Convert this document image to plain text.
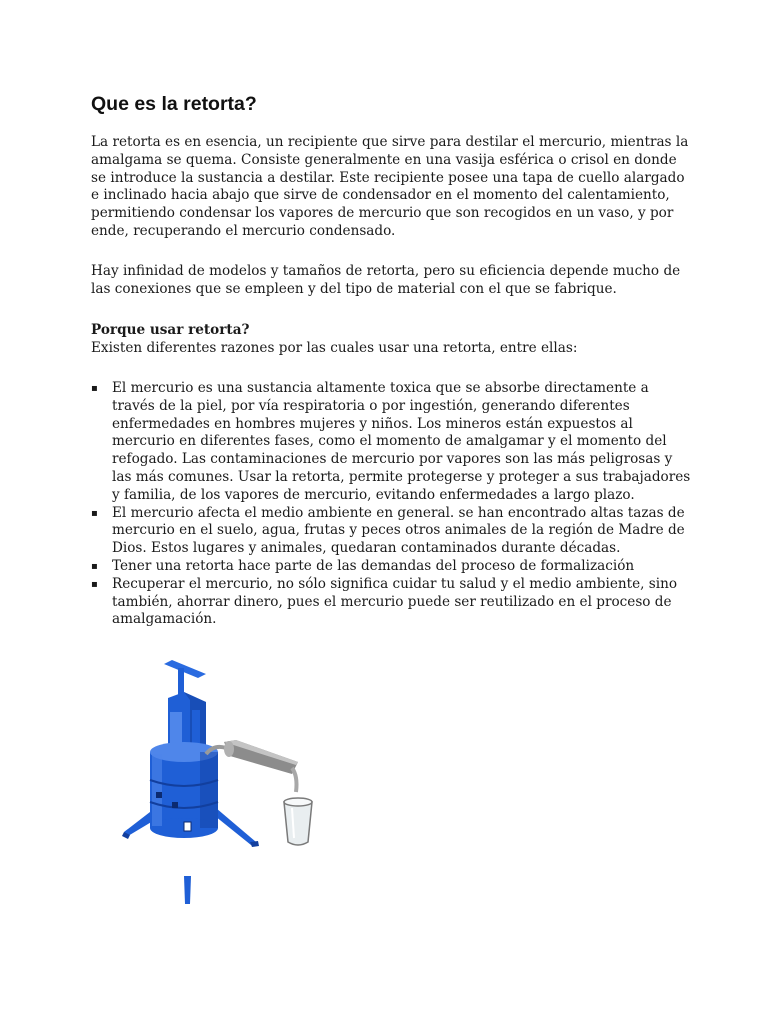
Que es la retorta?

La retorta es en esencia, un recipiente que sirve para destilar el mercurio, mientras la amalgama se quema. Consiste generalmente en una vasija esférica o crisol en donde se introduce la sustancia a destilar. Este recipiente posee una tapa de cuello alargado e inclinado hacia abajo que sirve de condensador en el momento del calentamiento, permitiendo condensar los vapores de mercurio que son recogidos en un vaso, y por ende, recuperando el mercurio condensado.

Hay infinidad de modelos y tamaños de retorta, pero su eficiencia depende mucho de las conexiones que se empleen y del tipo de material con el que se fabrique.

Porque usar retorta?

Existen diferentes razones por las cuales usar una retorta, entre ellas:

▪ El mercurio es una sustancia altamente toxica que se absorbe directamente a través de la piel, por vía respiratoria o por ingestión, generando diferentes enfermedades en hombres mujeres y niños. Los mineros están expuestos al mercurio en diferentes fases, como el momento de amalgamar y el momento del refogado. Las contaminaciones de mercurio por vapores son las más peligrosas y las más comunes. Usar la retorta, permite protegerse y proteger a sus trabajadores y familia, de los vapores de mercurio, evitando enfermedades a largo plazo.
▪ El mercurio afecta el medio ambiente en general. se han encontrado altas tazas de mercurio en el suelo, agua, frutas y peces otros animales de la región de Madre de Dios. Estos lugares y animales, quedaran contaminados durante décadas.
▪ Tener una retorta hace parte de las demandas del proceso de formalización
▪ Recuperar el mercurio, no sólo significa cuidar tu salud y el medio ambiente, sino también, ahorrar dinero, pues el mercurio puede ser reutilizado en el proceso de amalgamación.
